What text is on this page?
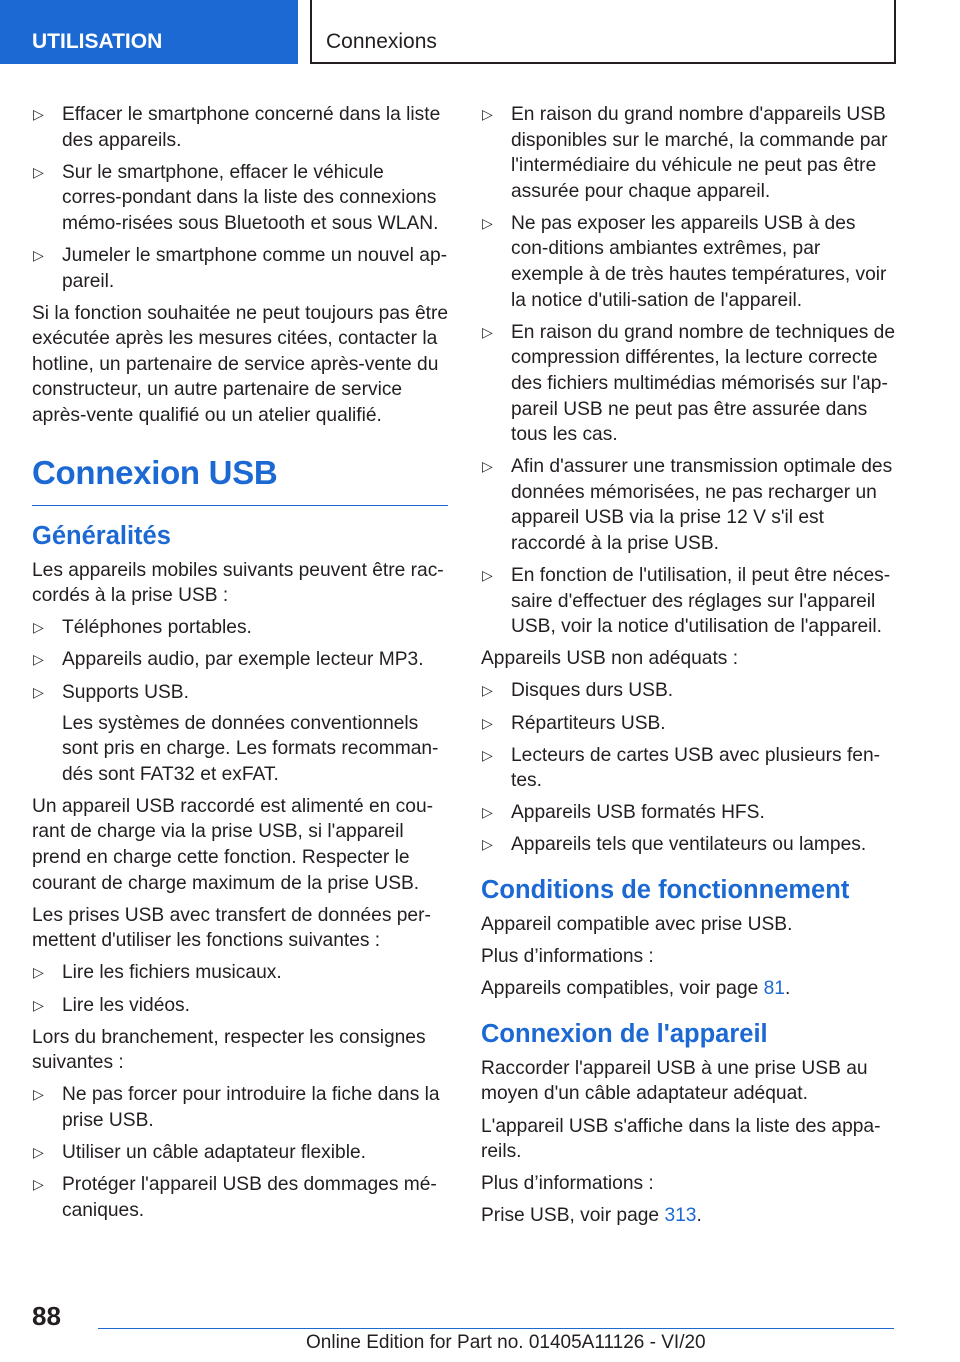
UTILISATION	Connexions
▷ Effacer le smartphone concerné dans la liste des appareils.
▷ Sur le smartphone, effacer le véhicule corres-pondant dans la liste des connexions mémo-risées sous Bluetooth et sous WLAN.
▷ Jumeler le smartphone comme un nouvel ap-pareil.

Si la fonction souhaitée ne peut toujours pas être exécutée après les mesures citées, contacter la hotline, un partenaire de service après-vente du constructeur, un autre partenaire de service après-vente qualifié ou un atelier qualifié.

Connexion USB
Généralités

Les appareils mobiles suivants peuvent être rac-cordés à la prise USB :

▷ Téléphones portables.
▷ Appareils audio, par exemple lecteur MP3.
▷ Supports USB.
Les systèmes de données conventionnels sont pris en charge. Les formats recomman-dés sont FAT32 et exFAT.

Un appareil USB raccordé est alimenté en cou-rant de charge via la prise USB, si l'appareil prend en charge cette fonction. Respecter le courant de charge maximum de la prise USB.

Les prises USB avec transfert de données per-mettent d'utiliser les fonctions suivantes :

▷ Lire les fichiers musicaux.
▷ Lire les vidéos.

Lors du branchement, respecter les consignes suivantes :

▷ Ne pas forcer pour introduire la fiche dans la prise USB.
▷ Utiliser un câble adaptateur flexible.
▷ Protéger l'appareil USB des dommages mé-caniques.
▷ En raison du grand nombre d'appareils USB disponibles sur le marché, la commande par l'intermédiaire du véhicule ne peut pas être assurée pour chaque appareil.
▷ Ne pas exposer les appareils USB à des con-ditions ambiantes extrêmes, par exemple à de très hautes températures, voir la notice d'utili-sation de l'appareil.
▷ En raison du grand nombre de techniques de compression différentes, la lecture correcte des fichiers multimédias mémorisés sur l'ap-pareil USB ne peut pas être assurée dans tous les cas.
▷ Afin d'assurer une transmission optimale des données mémorisées, ne pas recharger un appareil USB via la prise 12 V s'il est raccordé à la prise USB.
▷ En fonction de l'utilisation, il peut être néces-saire d'effectuer des réglages sur l'appareil USB, voir la notice d'utilisation de l'appareil.

Appareils USB non adéquats :

▷ Disques durs USB.
▷ Répartiteurs USB.
▷ Lecteurs de cartes USB avec plusieurs fen-tes.
▷ Appareils USB formatés HFS.
▷ Appareils tels que ventilateurs ou lampes.
Conditions de fonctionnement

Appareil compatible avec prise USB.

Plus d’informations :

Appareils compatibles, voir page 81.

Connexion de l'appareil

Raccorder l'appareil USB à une prise USB au moyen d'un câble adaptateur adéquat.

L'appareil USB s'affiche dans la liste des appa-reils.

Plus d’informations :

Prise USB, voir page 313.

88
Online Edition for Part no. 01405A11126 - VI/20
